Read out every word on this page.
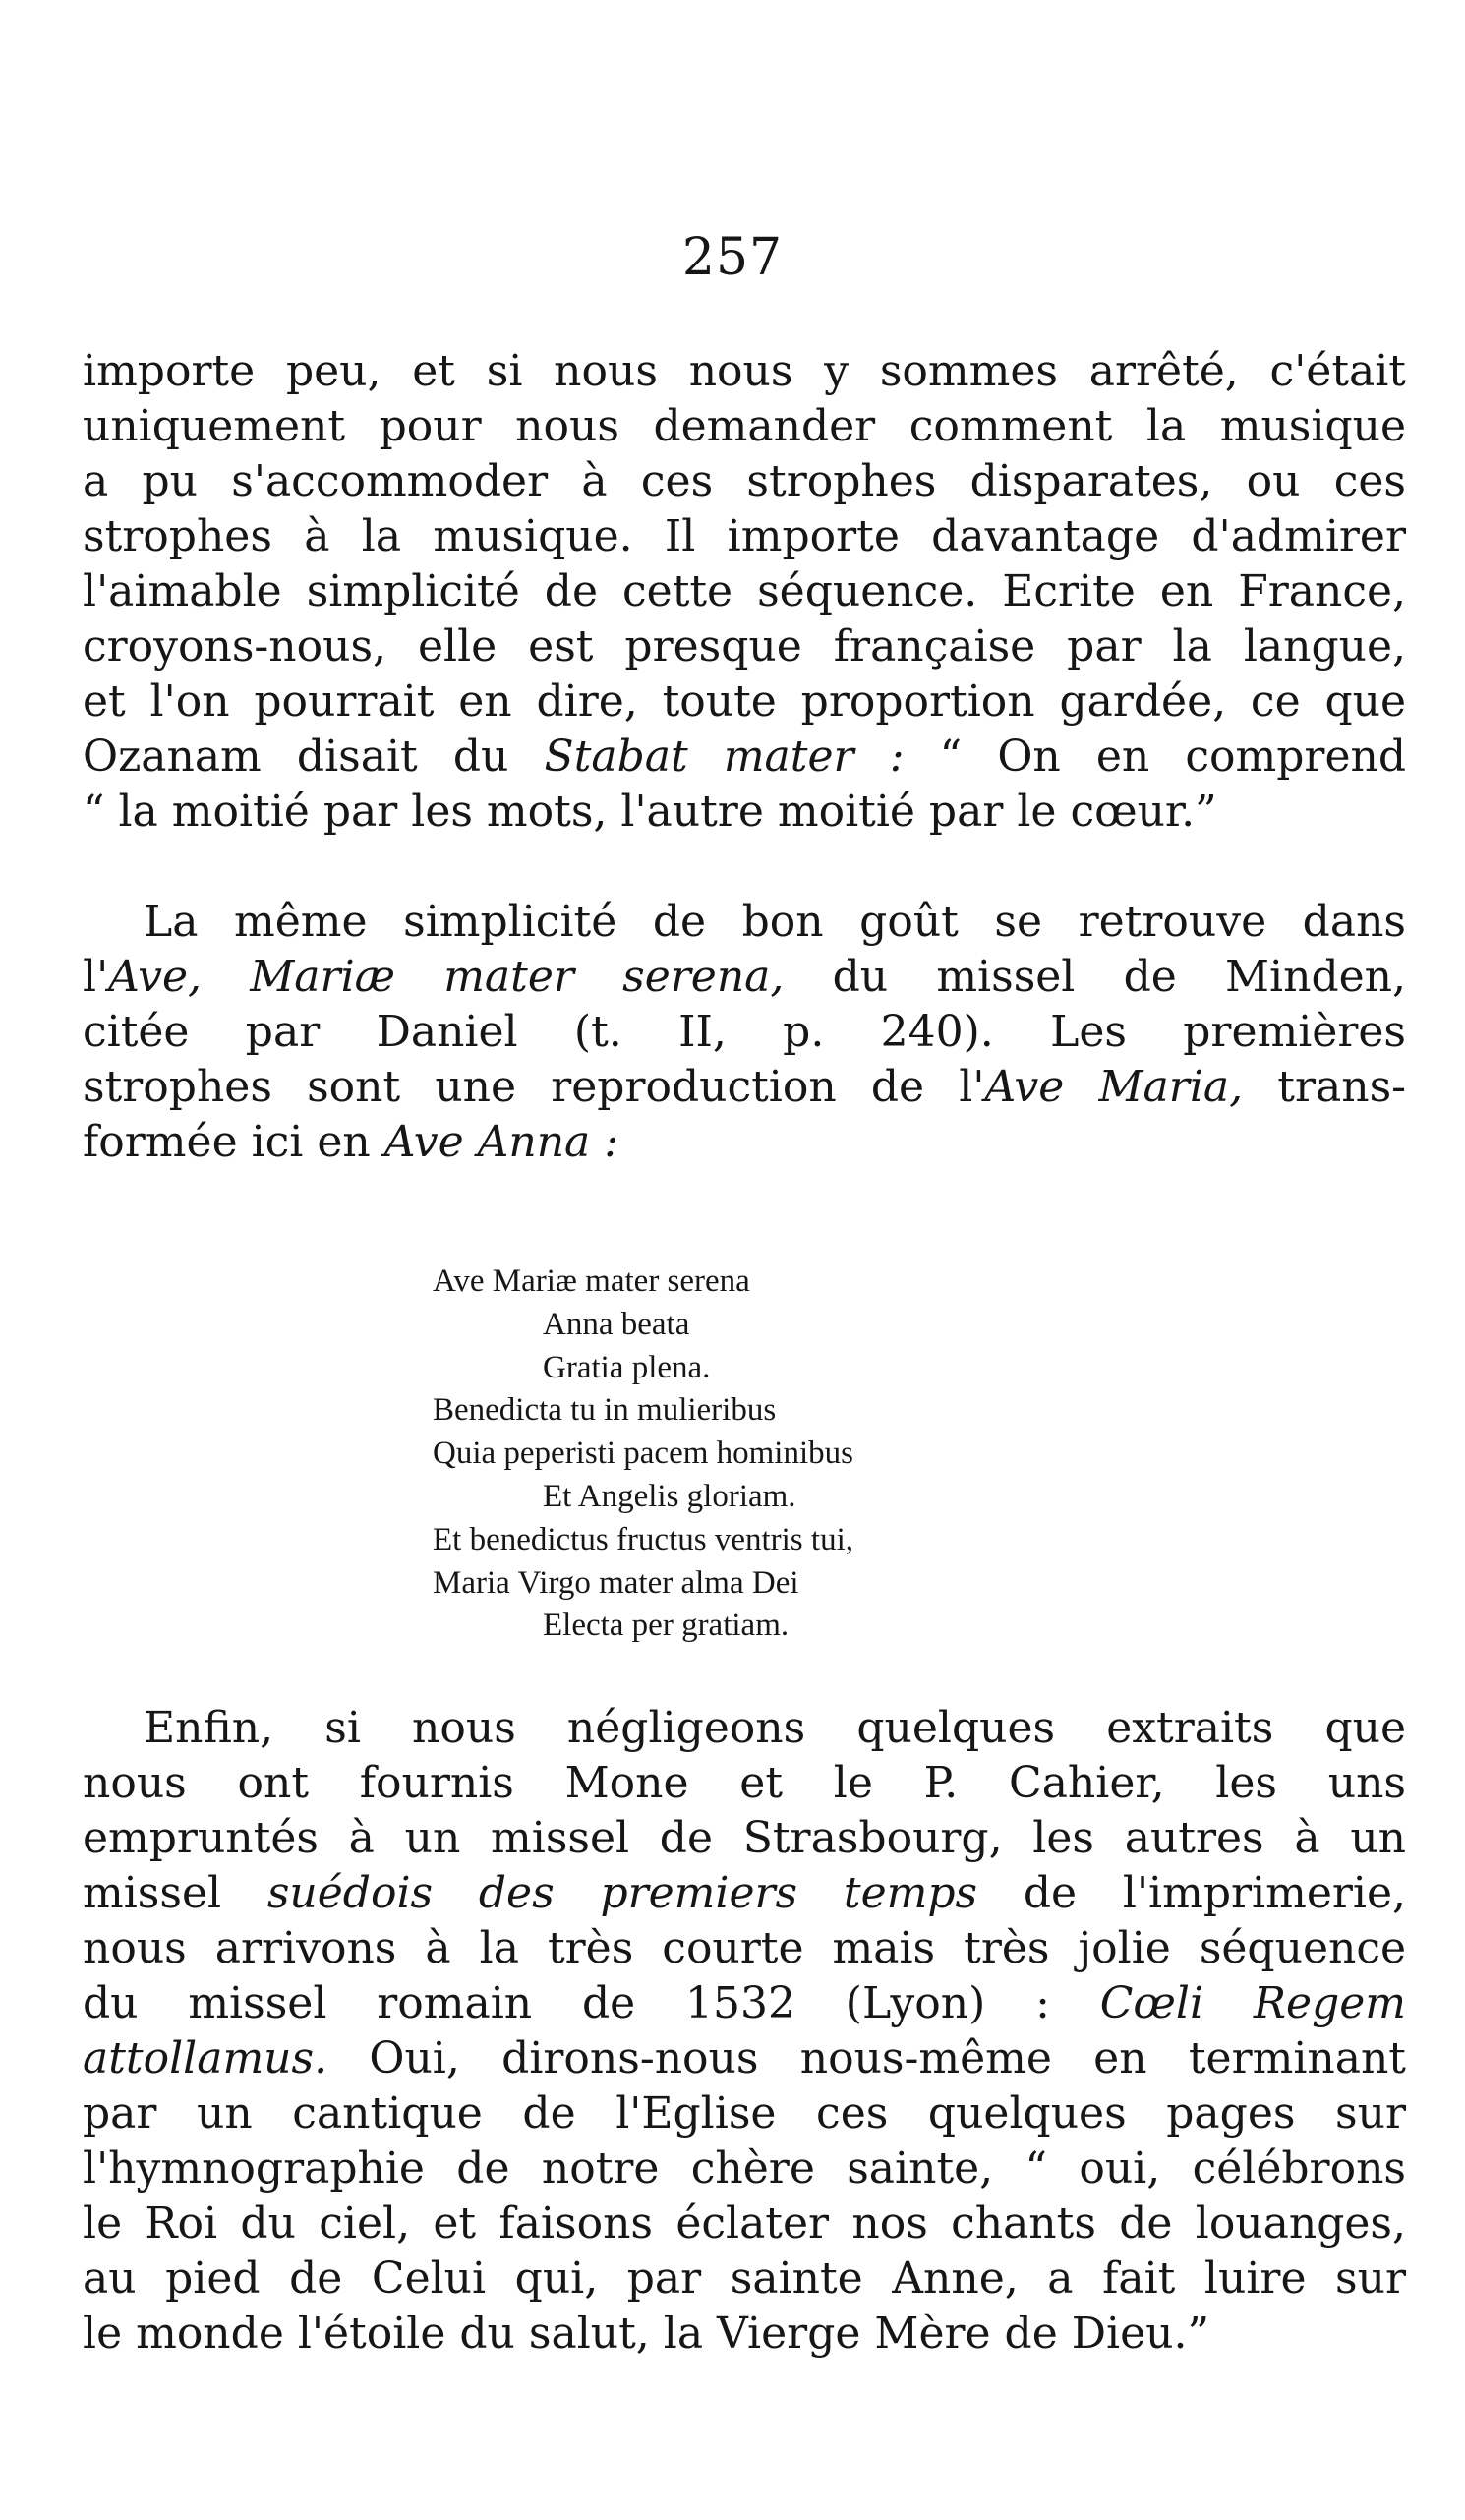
257
importe peu, et si nous nous y sommes arrêté, c'était
uniquement pour nous demander comment la musique
a pu s'accommoder à ces strophes disparates, ou ces
strophes à la musique. Il importe davantage d'admirer
l'aimable simplicité de cette séquence. Ecrite en France,
croyons-nous, elle est presque française par la langue,
et l'on pourrait en dire, toute proportion gardée, ce que
Ozanam disait du Stabat mater : “ On en comprend
“ la moitié par les mots, l'autre moitié par le cœur.”
La même simplicité de bon goût se retrouve dans
l'Ave, Mariæ mater serena, du missel de Minden,
citée par Daniel (t. II, p. 240). Les premières
strophes sont une reproduction de l'Ave Maria, trans-
formée ici en Ave Anna :
Ave Mariæ mater serena
Anna beata
Gratia plena.
Benedicta tu in mulieribus
Quia peperisti pacem hominibus
Et Angelis gloriam.
Et benedictus fructus ventris tui,
Maria Virgo mater alma Dei
Electa per gratiam.
Enfin, si nous négligeons quelques extraits que
nous ont fournis Mone et le P. Cahier, les uns
empruntés à un missel de Strasbourg, les autres à un
missel suédois des premiers temps de l'imprimerie,
nous arrivons à la très courte mais très jolie séquence
du missel romain de 1532 (Lyon) : Cœli Regem
attollamus. Oui, dirons-nous nous-même en terminant
par un cantique de l'Eglise ces quelques pages sur
l'hymnographie de notre chère sainte, “ oui, célébrons
le Roi du ciel, et faisons éclater nos chants de louanges,
au pied de Celui qui, par sainte Anne, a fait luire sur
le monde l'étoile du salut, la Vierge Mère de Dieu.”
